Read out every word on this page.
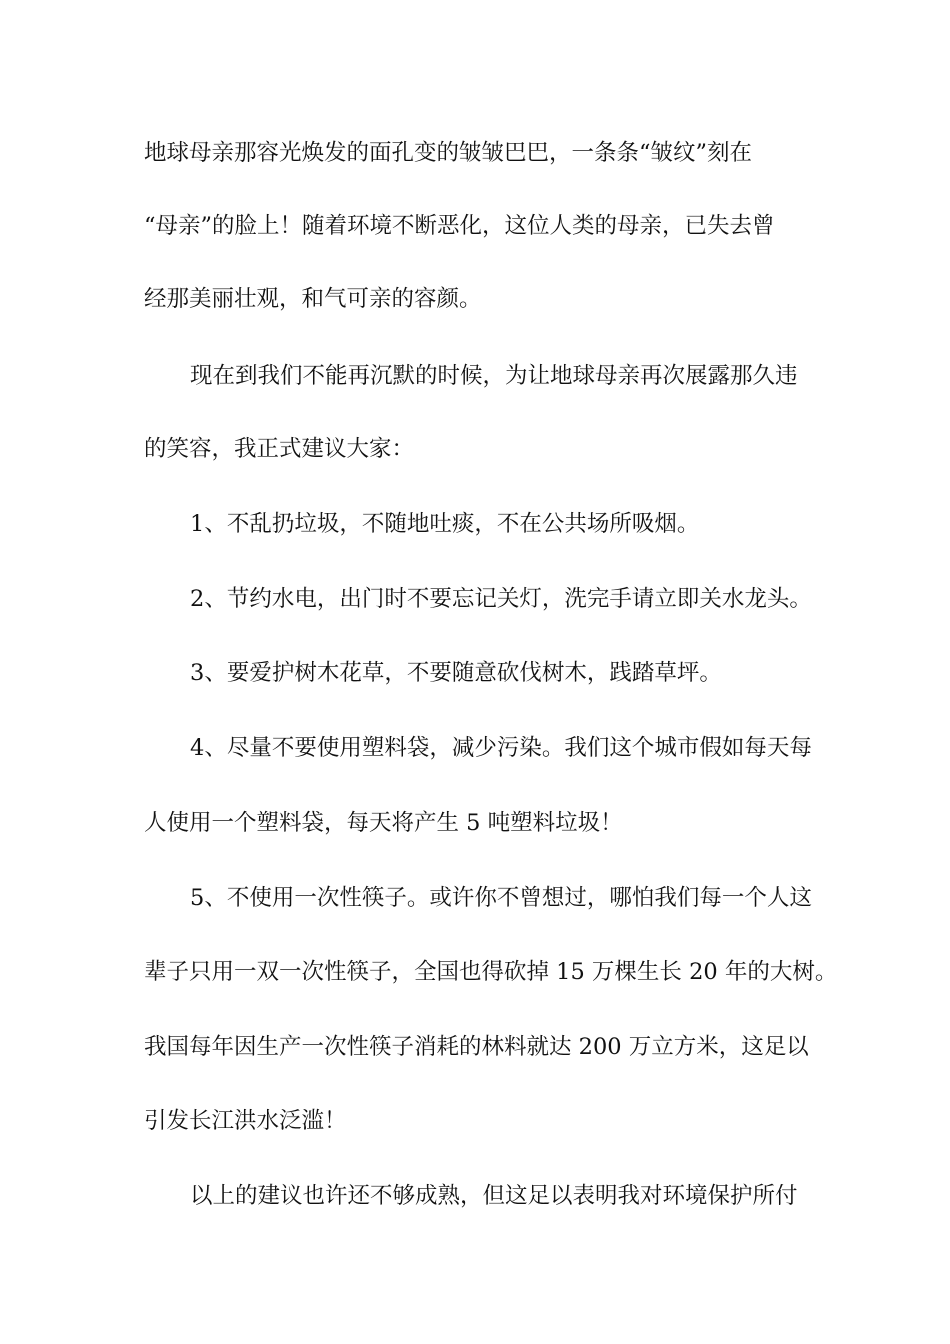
地球母亲那容光焕发的面孔变的皱皱巴巴，一条条“皱纹”刻在
“母亲”的脸上！随着环境不断恶化，这位人类的母亲，已失去曾
经那美丽壮观，和气可亲的容颜。
现在到我们不能再沉默的时候，为让地球母亲再次展露那久违
的笑容，我正式建议大家：
1、不乱扔垃圾，不随地吐痰，不在公共场所吸烟。
2、节约水电，出门时不要忘记关灯，洗完手请立即关水龙头。
3、要爱护树木花草，不要随意砍伐树木，践踏草坪。
4、尽量不要使用塑料袋，减少污染。我们这个城市假如每天每
人使用一个塑料袋，每天将产生 5 吨塑料垃圾！
5、不使用一次性筷子。或许你不曾想过，哪怕我们每一个人这
辈子只用一双一次性筷子，全国也得砍掉 15 万棵生长 20 年的大树。
我国每年因生产一次性筷子消耗的林料就达 200 万立方米，这足以
引发长江洪水泛滥！
以上的建议也许还不够成熟，但这足以表明我对环境保护所付
